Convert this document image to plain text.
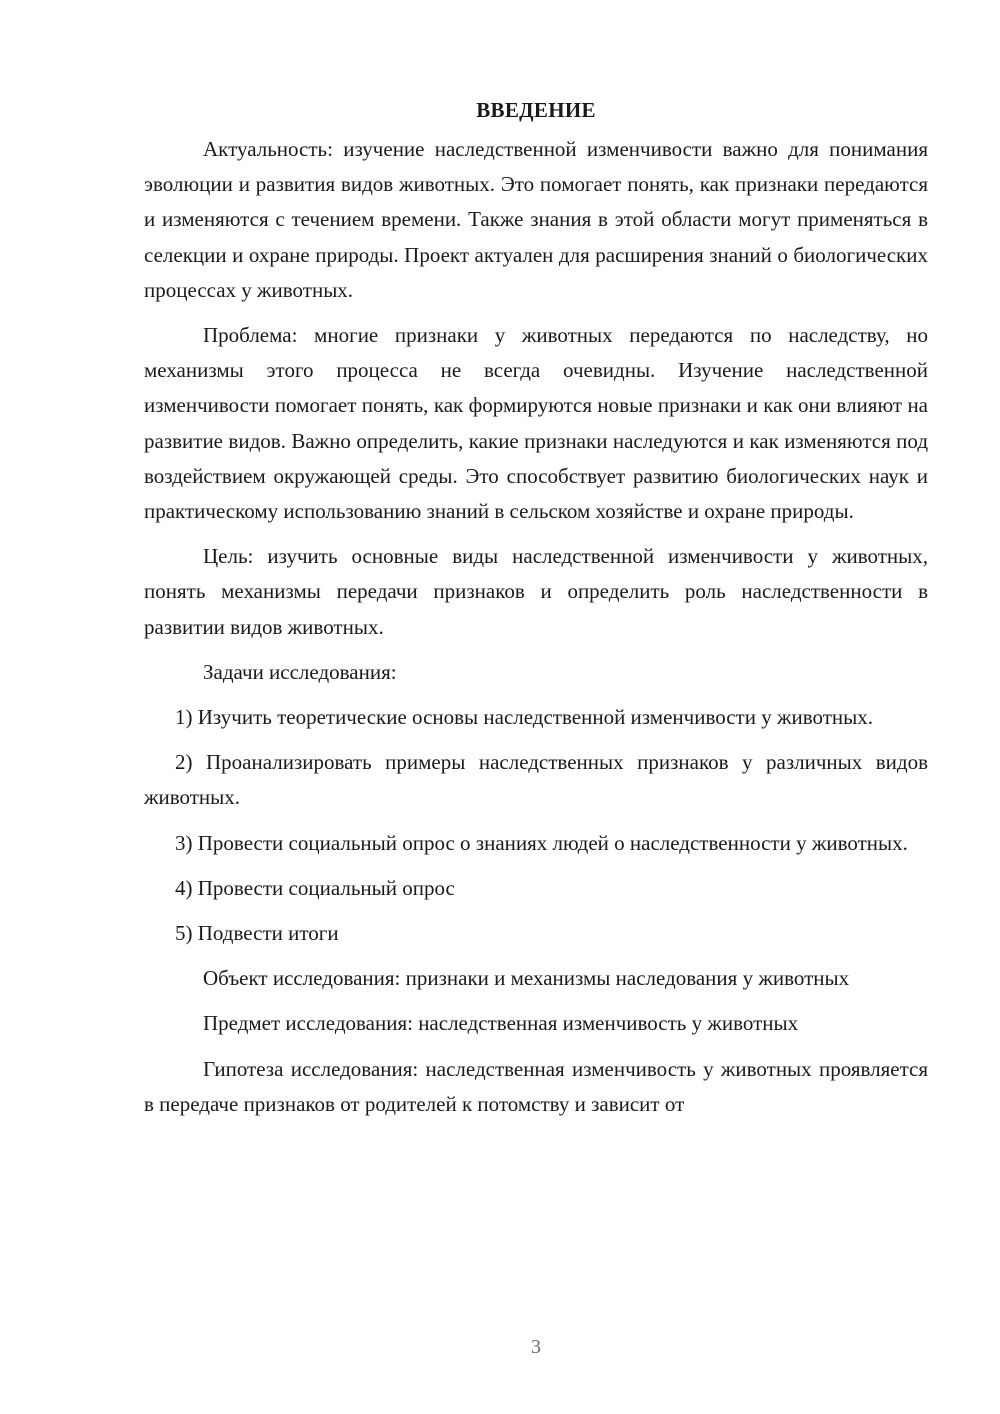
ВВЕДЕНИЕ

Актуальность: изучение наследственной изменчивости важно для понимания эволюции и развития видов животных. Это помогает понять, как признаки передаются и изменяются с течением времени. Также знания в этой области могут применяться в селекции и охране природы. Проект актуален для расширения знаний о биологических процессах у животных.

Проблема: многие признаки у животных передаются по наследству, но механизмы этого процесса не всегда очевидны. Изучение наследственной изменчивости помогает понять, как формируются новые признаки и как они влияют на развитие видов. Важно определить, какие признаки наследуются и как изменяются под воздействием окружающей среды. Это способствует развитию биологических наук и практическому использованию знаний в сельском хозяйстве и охране природы.

Цель: изучить основные виды наследственной изменчивости у животных, понять механизмы передачи признаков и определить роль наследственности в развитии видов животных.

Задачи исследования:

1) Изучить теоретические основы наследственной изменчивости у животных.

2) Проанализировать примеры наследственных признаков у различных видов животных.

3) Провести социальный опрос о знаниях людей о наследственности у животных.

4) Провести социальный опрос

5) Подвести итоги

Объект исследования: признаки и механизмы наследования у животных

Предмет исследования: наследственная изменчивость у животных

Гипотеза исследования: наследственная изменчивость у животных проявляется в передаче признаков от родителей к потомству и зависит от

3
